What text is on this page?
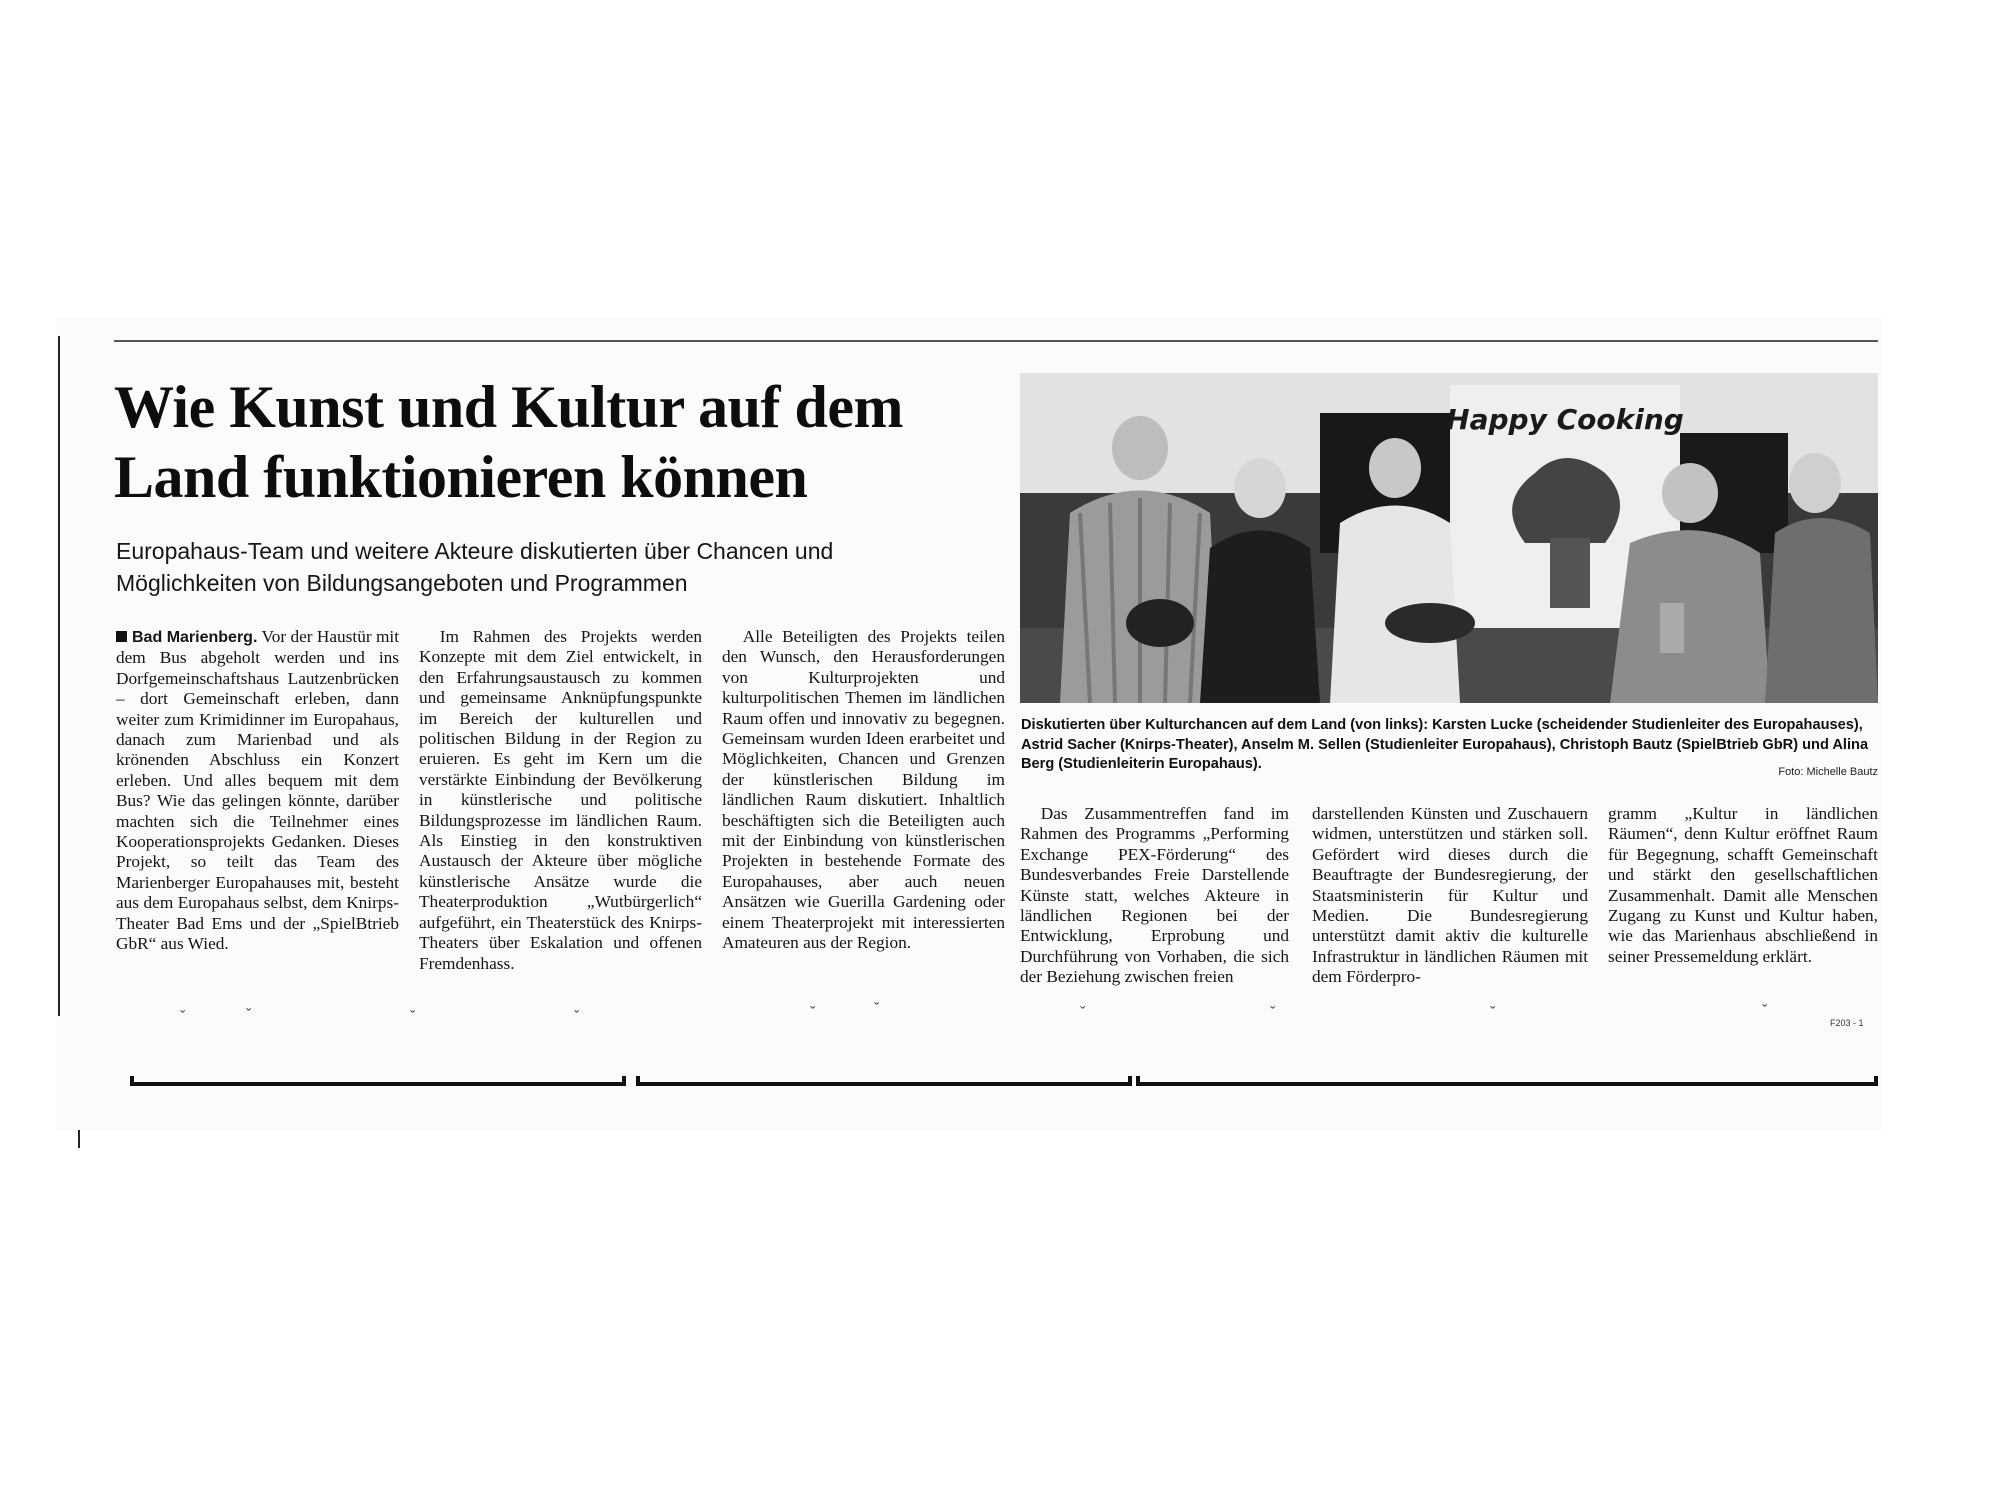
Wie Kunst und Kultur auf dem Land funktionieren können
Europahaus-Team und weitere Akteure diskutierten über Chancen und Möglichkeiten von Bildungsangeboten und Programmen

Bad Marienberg. Vor der Haustür mit dem Bus abgeholt werden und ins Dorfgemeinschaftshaus Lautzenbrücken – dort Gemeinschaft erleben, dann weiter zum Krimidinner im Europahaus, danach zum Marienbad und als krönenden Abschluss ein Konzert erleben. Und alles bequem mit dem Bus? Wie das gelingen könnte, darüber machten sich die Teilnehmer eines Kooperationsprojekts Gedanken. Dieses Projekt, so teilt das Team des Marienberger Europahauses mit, besteht aus dem Europahaus selbst, dem Knirps-Theater Bad Ems und der „SpielBtrieb GbR“ aus Wied.

Im Rahmen des Projekts werden Konzepte mit dem Ziel entwickelt, in den Erfahrungsaustausch zu kommen und gemeinsame Anknüpfungspunkte im Bereich der kulturellen und politischen Bildung in der Region zu eruieren. Es geht im Kern um die verstärkte Einbindung der Bevölkerung in künstlerische und politische Bildungsprozesse im ländlichen Raum. Als Einstieg in den konstruktiven Austausch der Akteure über mögliche künstlerische Ansätze wurde die Theaterproduktion „Wutbürgerlich“ aufgeführt, ein Theaterstück des Knirps-Theaters über Eskalation und offenen Fremdenhass.

Alle Beteiligten des Projekts teilen den Wunsch, den Herausforderungen von Kulturprojekten und kulturpolitischen Themen im ländlichen Raum offen und innovativ zu begegnen. Gemeinsam wurden Ideen erarbeitet und Möglichkeiten, Chancen und Grenzen der künstlerischen Bildung im ländlichen Raum diskutiert. Inhaltlich beschäftigten sich die Beteiligten auch mit der Einbindung von künstlerischen Projekten in bestehende Formate des Europahauses, aber auch neuen Ansätzen wie Guerilla Gardening oder einem Theaterprojekt mit interessierten Amateuren aus der Region.

Happy Cooking
Diskutierten über Kulturchancen auf dem Land (von links): Karsten Lucke (scheidender Studienleiter des Europahauses), Astrid Sacher (Knirps-Theater), Anselm M. Sellen (Studienleiter Europahaus), Christoph Bautz (SpielBtrieb GbR) und Alina Berg (Studienleiterin Europahaus).	Foto: Michelle Bautz

Das Zusammentreffen fand im Rahmen des Programms „Performing Exchange PEX-Förderung“ des Bundesverbandes Freie Darstellende Künste statt, welches Akteure in ländlichen Regionen bei der Entwicklung, Erprobung und Durchführung von Vorhaben, die sich der Beziehung zwischen freien

darstellenden Künsten und Zuschauern widmen, unterstützen und stärken soll. Gefördert wird dieses durch die Beauftragte der Bundesregierung, der Staatsministerin für Kultur und Medien. Die Bundesregierung unterstützt damit aktiv die kulturelle Infrastruktur in ländlichen Räumen mit dem Förderpro-

gramm „Kultur in ländlichen Räumen“, denn Kultur eröffnet Raum für Begegnung, schafft Gemeinschaft und stärkt den gesellschaftlichen Zusammenhalt. Damit alle Menschen Zugang zu Kunst und Kultur haben, wie das Marienhaus abschließend in seiner Pressemeldung erklärt.

F203 - 1
ˇ	ˇ	ˇ	ˇ	ˇ	ˇ	ˇ	ˇ	ˇ	ˇ
